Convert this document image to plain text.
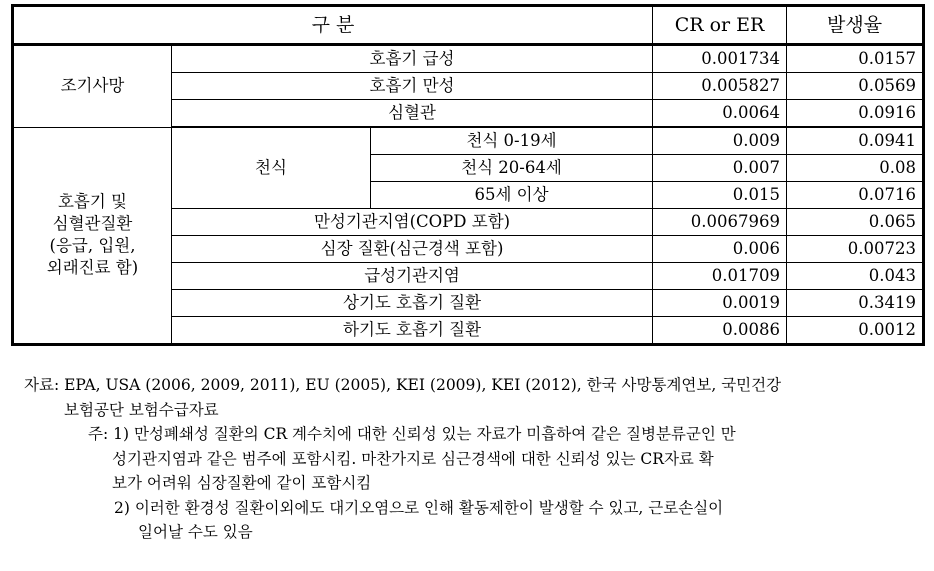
구 분			CR or ER	발생율
조기사망	호흡기 급성		0.001734	0.0157
	호흡기 만성		0.005827	0.0569
	심혈관		0.0064	0.0916

호흡기 및
심혈관질환
(응급, 입원,
외래진료 함)	천식	천식 0-19세	0.009	0.0941
		천식 20-64세	0.007	0.08
		65세 이상	0.015	0.0716
	만성기관지염(COPD 포함)		0.0067969	0.065
	심장 질환(심근경색 포함)		0.006	0.00723
	급성기관지염		0.01709	0.043
	상기도 호흡기 질환		0.0019	0.3419
	하기도 호흡기 질환		0.0086	0.0012

자료: EPA, USA (2006, 2009, 2011), EU (2005), KEI (2009), KEI (2012), 한국 사망통계연보, 국민건강

보험공단 보험수급자료

주: 1) 만성폐쇄성 질환의 CR 계수치에 대한 신뢰성 있는 자료가 미흡하여 같은 질병분류군인 만

성기관지염과 같은 범주에 포함시킴. 마찬가지로 심근경색에 대한 신뢰성 있는 CR자료 확

보가 어려워 심장질환에 같이 포함시킴

2) 이러한 환경성 질환이외에도 대기오염으로 인해 활동제한이 발생할 수 있고, 근로손실이

일어날 수도 있음
